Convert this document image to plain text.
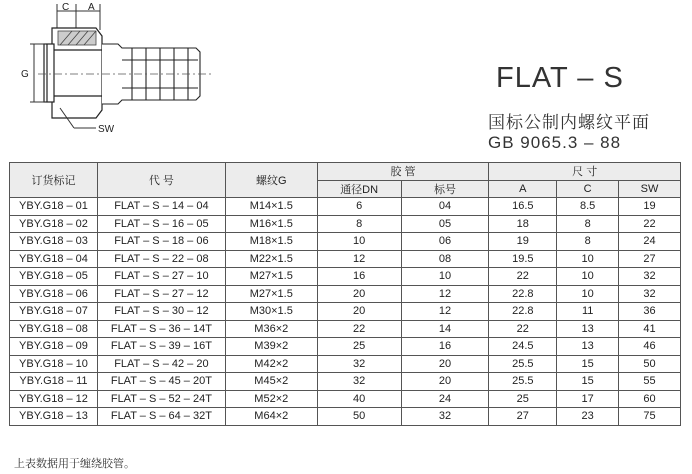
C A
G
SW
FLAT – S
国标公制内螺纹平面
GB 9065.3 – 88
订货标记	代 号	螺纹G	胶 管		尺 寸		
			通径DN	标号	A	C	SW
YBY.G18 – 01	FLAT – S – 14 – 04	M14×1.5	6	04	16.5	8.5	19
YBY.G18 – 02	FLAT – S – 16 – 05	M16×1.5	8	05	18	8	22
YBY.G18 – 03	FLAT – S – 18 – 06	M18×1.5	10	06	19	8	24
YBY.G18 – 04	FLAT – S – 22 – 08	M22×1.5	12	08	19.5	10	27
YBY.G18 – 05	FLAT – S – 27 – 10	M27×1.5	16	10	22	10	32
YBY.G18 – 06	FLAT – S – 27 – 12	M27×1.5	20	12	22.8	10	32
YBY.G18 – 07	FLAT – S – 30 – 12	M30×1.5	20	12	22.8	11	36
YBY.G18 – 08	FLAT – S – 36 – 14T	M36×2	22	14	22	13	41
YBY.G18 – 09	FLAT – S – 39 – 16T	M39×2	25	16	24.5	13	46
YBY.G18 – 10	FLAT – S – 42 – 20	M42×2	32	20	25.5	15	50
YBY.G18 – 11	FLAT – S – 45 – 20T	M45×2	32	20	25.5	15	55
YBY.G18 – 12	FLAT – S – 52 – 24T	M52×2	40	24	25	17	60
YBY.G18 – 13	FLAT – S – 64 – 32T	M64×2	50	32	27	23	75
上表数据用于缠绕胶管。
